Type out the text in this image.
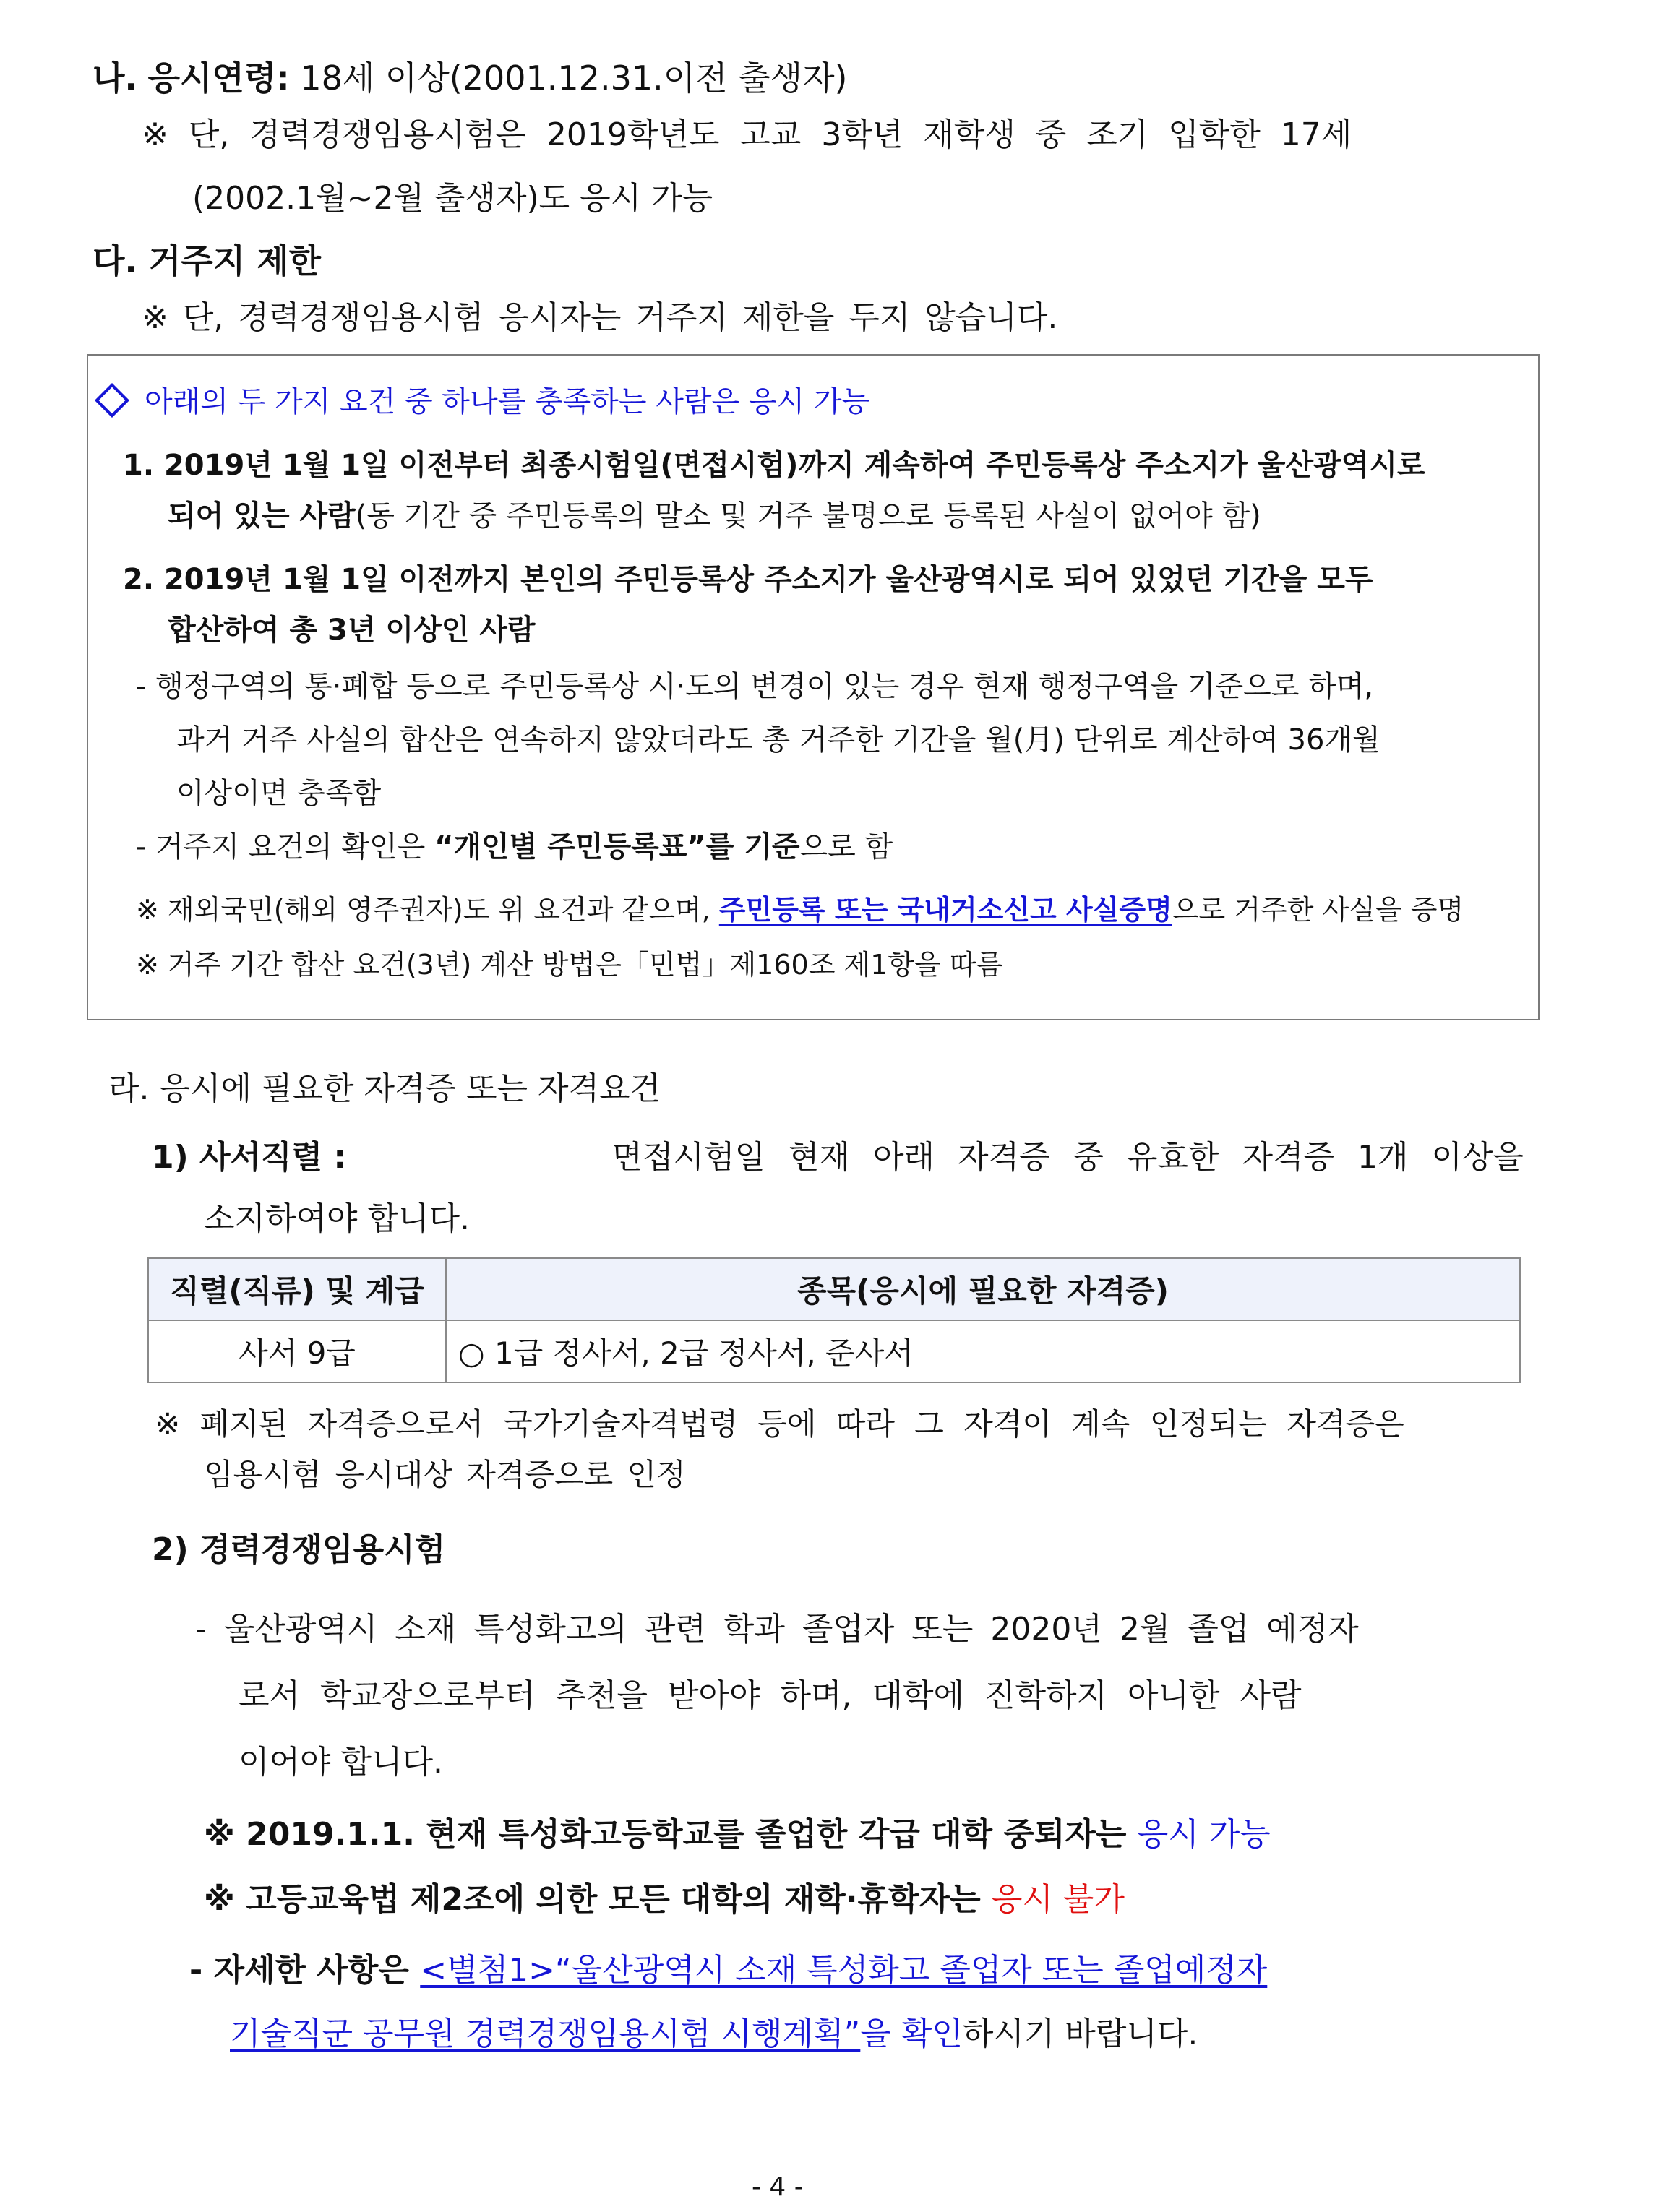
나. 응시연령: 18세 이상(2001.12.31.이전 출생자)
※ 단, 경력경쟁임용시험은 2019학년도 고교 3학년 재학생 중 조기 입학한 17세
(2002.1월~2월 출생자)도 응시 가능
다. 거주지 제한
※ 단, 경력경쟁임용시험 응시자는 거주지 제한을 두지 않습니다.
아래의 두 가지 요건 중 하나를 충족하는 사람은 응시 가능
1. 2019년 1월 1일 이전부터 최종시험일(면접시험)까지 계속하여 주민등록상 주소지가 울산광역시로
되어 있는 사람(동 기간 중 주민등록의 말소 및 거주 불명으로 등록된 사실이 없어야 함)
2. 2019년 1월 1일 이전까지 본인의 주민등록상 주소지가 울산광역시로 되어 있었던 기간을 모두
합산하여 총 3년 이상인 사람
- 행정구역의 통·폐합 등으로 주민등록상 시·도의 변경이 있는 경우 현재 행정구역을 기준으로 하며,
과거 거주 사실의 합산은 연속하지 않았더라도 총 거주한 기간을 월(月) 단위로 계산하여 36개월
이상이면 충족함
- 거주지 요건의 확인은 “개인별 주민등록표”를 기준으로 함
※ 재외국민(해외 영주권자)도 위 요건과 같으며, 주민등록 또는 국내거소신고 사실증명으로 거주한 사실을 증명
※ 거주 기간 합산 요건(3년) 계산 방법은「민법」제160조 제1항을 따름
라. 응시에 필요한 자격증 또는 자격요건
1) 사서직렬 :	면접시험일 현재 아래 자격증 중 유효한 자격증 1개 이상을
소지하여야 합니다.
직렬(직류) 및 계급	종목(응시에 필요한 자격증)
사서 9급	○ 1급 정사서, 2급 정사서, 준사서
※ 폐지된 자격증으로서 국가기술자격법령 등에 따라 그 자격이 계속 인정되는 자격증은
임용시험 응시대상 자격증으로 인정
2) 경력경쟁임용시험
- 울산광역시 소재 특성화고의 관련 학과 졸업자 또는 2020년 2월 졸업 예정자
로서 학교장으로부터 추천을 받아야 하며, 대학에 진학하지 아니한 사람
이어야 합니다.
※ 2019.1.1. 현재 특성화고등학교를 졸업한 각급 대학 중퇴자는 응시 가능
※ 고등교육법 제2조에 의한 모든 대학의 재학·휴학자는 응시 불가
- 자세한 사항은 <별첨1>“울산광역시 소재 특성화고 졸업자 또는 졸업예정자
기술직군 공무원 경력경쟁임용시험 시행계획”을 확인하시기 바랍니다.
- 4 -
